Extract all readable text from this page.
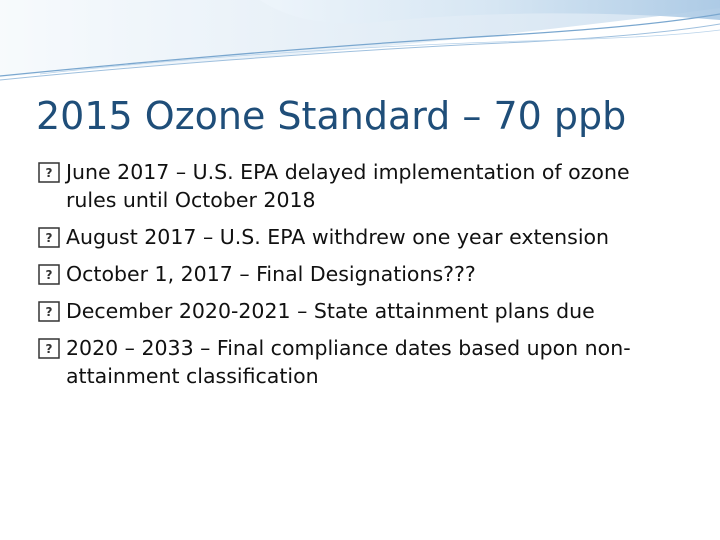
2015 Ozone Standard – 70 ppb
? June 2017 – U.S. EPA delayed implementation of ozone rules until October 2018
? August 2017 – U.S. EPA withdrew one year extension
? October 1, 2017 – Final Designations???
? December 2020-2021 – State attainment plans due
? 2020 – 2033 – Final compliance dates based upon non-attainment classification
